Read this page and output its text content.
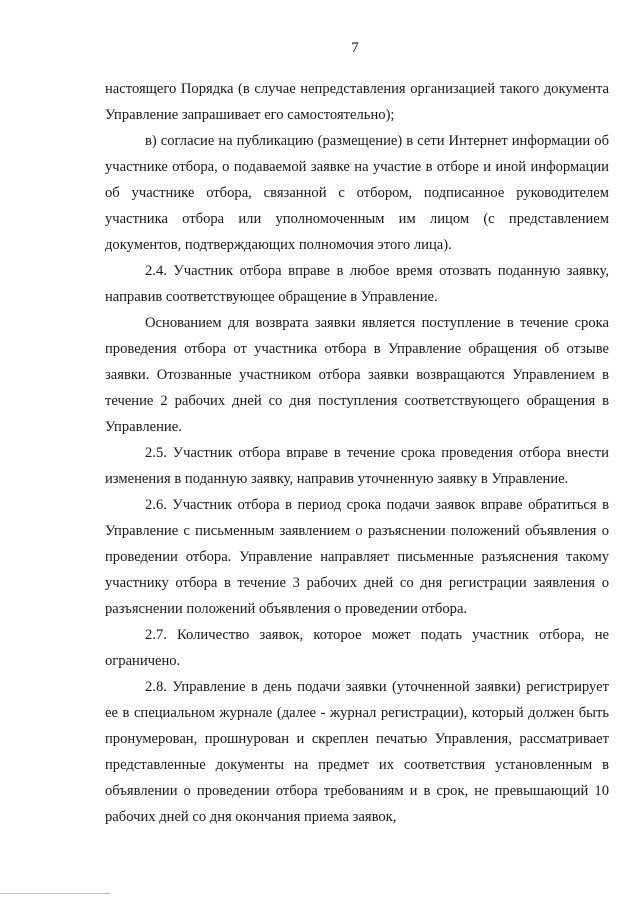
7

настоящего Порядка (в случае непредставления организацией такого документа Управление запрашивает его самостоятельно);

в) согласие на публикацию (размещение) в сети Интернет информации об участнике отбора, о подаваемой заявке на участие в отборе и иной информации об участнике отбора, связанной с отбором, подписанное руководителем участника отбора или уполномоченным им лицом (с представлением документов, подтверждающих полномочия этого лица).

2.4. Участник отбора вправе в любое время отозвать поданную заявку, направив соответствующее обращение в Управление.

Основанием для возврата заявки является поступление в течение срока проведения отбора от участника отбора в Управление обращения об отзыве заявки. Отозванные участником отбора заявки возвращаются Управлением в течение 2 рабочих дней со дня поступления соответствующего обращения в Управление.

2.5. Участник отбора вправе в течение срока проведения отбора внести изменения в поданную заявку, направив уточненную заявку в Управление.

2.6. Участник отбора в период срока подачи заявок вправе обратиться в Управление с письменным заявлением о разъяснении положений объявления о проведении отбора. Управление направляет письменные разъяснения такому участнику отбора в течение 3 рабочих дней со дня регистрации заявления о разъяснении положений объявления о проведении отбора.

2.7. Количество заявок, которое может подать участник отбора, не ограничено.

2.8. Управление в день подачи заявки (уточненной заявки) регистрирует ее в специальном журнале (далее - журнал регистрации), который должен быть пронумерован, прошнурован и скреплен печатью Управления, рассматривает представленные документы на предмет их соответствия установленным в объявлении о проведении отбора требованиям и в срок, не превышающий 10 рабочих дней со дня окончания приема заявок,
